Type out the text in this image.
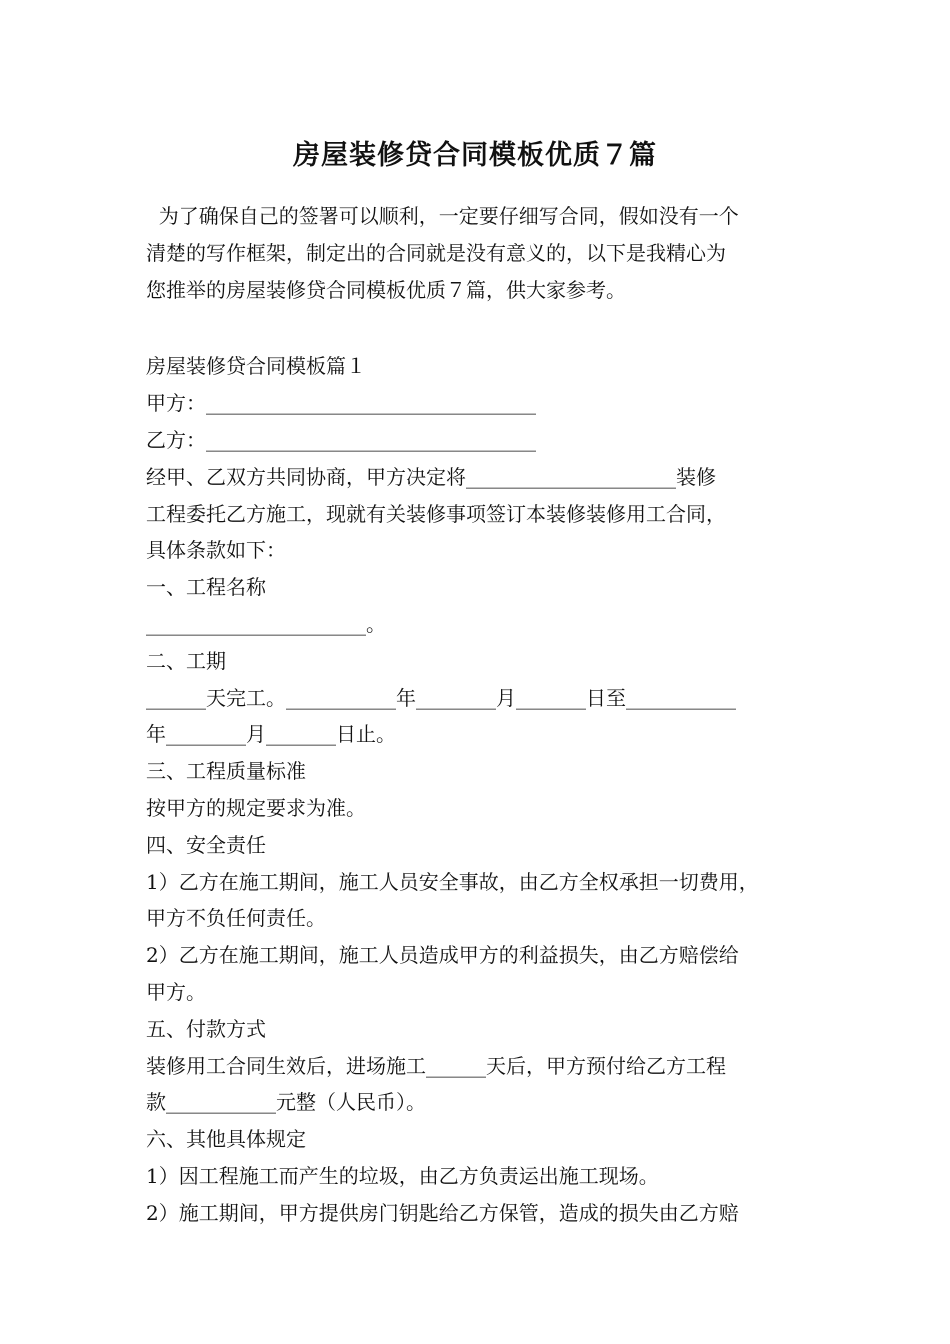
房屋装修贷合同模板优质７篇
为了确保自己的签署可以顺利，一定要仔细写合同，假如没有一个
清楚的写作框架，制定出的合同就是没有意义的，以下是我精心为
您推举的房屋装修贷合同模板优质７篇，供大家参考。
房屋装修贷合同模板篇１
甲方：_________________________________
乙方：_________________________________
经甲、乙双方共同协商，甲方决定将_____________________装修
工程委托乙方施工，现就有关装修事项签订本装修装修用工合同，
具体条款如下：
一、工程名称
______________________。
二、工期
______天完工。___________年________月_______日至___________
年________月_______日止。
三、工程质量标准
按甲方的规定要求为准。
四、安全责任
1）乙方在施工期间，施工人员安全事故，由乙方全权承担一切费用，
甲方不负任何责任。
2）乙方在施工期间，施工人员造成甲方的利益损失，由乙方赔偿给
甲方。
五、付款方式
装修用工合同生效后，进场施工______天后，甲方预付给乙方工程
款___________元整（人民币）。
六、其他具体规定
1）因工程施工而产生的垃圾，由乙方负责运出施工现场。
2）施工期间，甲方提供房门钥匙给乙方保管，造成的损失由乙方赔
